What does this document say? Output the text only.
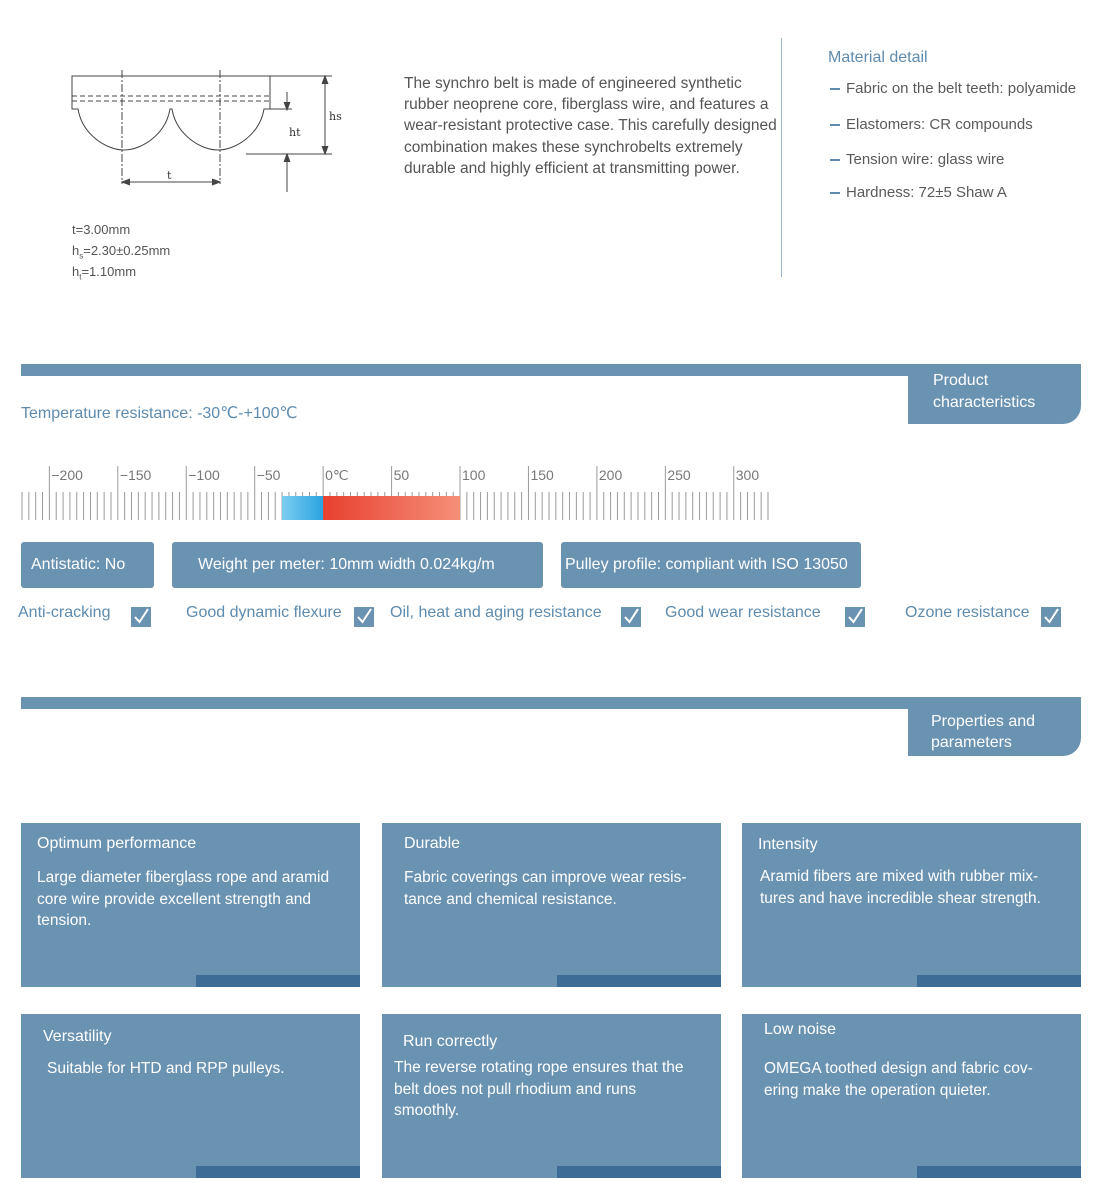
hs
ht
t
t=3.00mm
$h_s=2.30\pm 0.25mm$
$h_t=1.10mm$
The synchro belt is made of engineered synthetic rubber neoprene core, fiberglass wire, and features a wear-resistant protective case. This carefully designed combination makes these synchrobelts extremely durable and highly efficient at transmitting power.
Material detail
Fabric on the belt teeth: polyamide
Elastomers: CR compounds
Tension wire: glass wire
Hardness: 72±5 Shaw A
Product
characteristics
Temperature resistance: -30℃-+100℃
−200	−150	−100	−50	0℃	50	100	150	200	250	300
Antistatic: No	Weight per meter: 10mm width 0.024kg/m	Pulley profile: compliant with ISO 13050
Anti-cracking	Good dynamic flexure	Oil, heat and aging resistance	Good wear resistance	Ozone resistance
Properties and
parameters
Optimum performance
Large diameter fiberglass rope and aramid
core wire provide excellent strength and
tension.
Durable
Fabric coverings can improve wear resis-
tance and chemical resistance.
Intensity
Aramid fibers are mixed with rubber mix-
tures and have incredible shear strength.
Versatility
Suitable for HTD and RPP pulleys.
Run correctly
The reverse rotating rope ensures that the
belt does not pull rhodium and runs
smoothly.
Low noise
OMEGA toothed design and fabric cov-
ering make the operation quieter.
